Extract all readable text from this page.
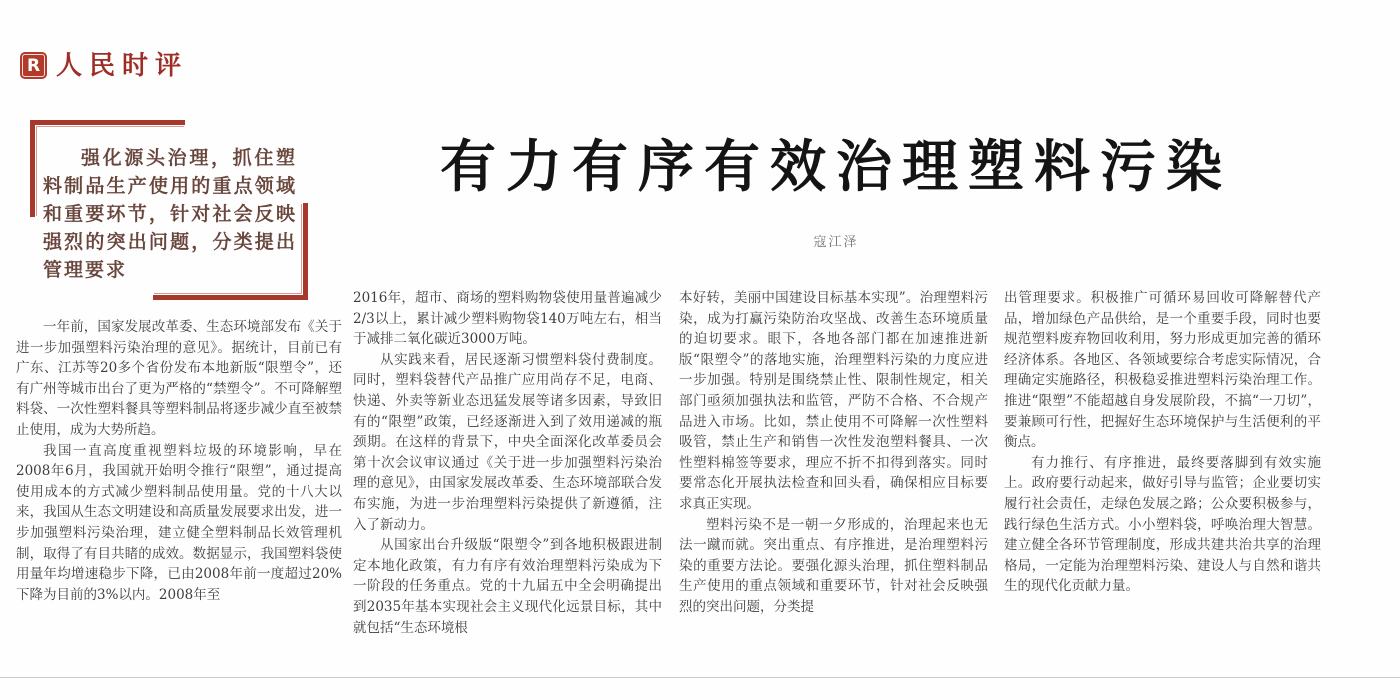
R 人民时评

强化源头治理，抓住塑料制品生产使用的重点领域和重要环节，针对社会反映强烈的突出问题，分类提出管理要求

有力有序有效治理塑料污染
寇江泽

一年前，国家发展改革委、生态环境部发布《关于进一步加强塑料污染治理的意见》。据统计，目前已有广东、江苏等20多个省份发布本地新版“限塑令”，还有广州等城市出台了更为严格的“禁塑令”。不可降解塑料袋、一次性塑料餐具等塑料制品将逐步减少直至被禁止使用，成为大势所趋。

我国一直高度重视塑料垃圾的环境影响，早在2008年6月，我国就开始明令推行“限塑”，通过提高使用成本的方式减少塑料制品使用量。党的十八大以来，我国从生态文明建设和高质量发展要求出发，进一步加强塑料污染治理，建立健全塑料制品长效管理机制，取得了有目共睹的成效。数据显示，我国塑料袋使用量年均增速稳步下降，已由2008年前一度超过20%下降为目前的3%以内。2008年至

2016年，超市、商场的塑料购物袋使用量普遍减少2/3以上，累计减少塑料购物袋140万吨左右，相当于减排二氧化碳近3000万吨。

从实践来看，居民逐渐习惯塑料袋付费制度。同时，塑料袋替代产品推广应用尚存不足，电商、快递、外卖等新业态迅猛发展等诸多因素，导致旧有的“限塑”政策，已经逐渐进入到了效用递减的瓶颈期。在这样的背景下，中央全面深化改革委员会第十次会议审议通过《关于进一步加强塑料污染治理的意见》，由国家发展改革委、生态环境部联合发布实施，为进一步治理塑料污染提供了新遵循，注入了新动力。

从国家出台升级版“限塑令”到各地积极跟进制定本地化政策，有力有序有效治理塑料污染成为下一阶段的任务重点。党的十九届五中全会明确提出到2035年基本实现社会主义现代化远景目标，其中就包括“生态环境根

本好转，美丽中国建设目标基本实现”。治理塑料污染，成为打赢污染防治攻坚战、改善生态环境质量的迫切要求。眼下，各地各部门都在加速推进新版“限塑令”的落地实施，治理塑料污染的力度应进一步加强。特别是围绕禁止性、限制性规定，相关部门亟须加强执法和监管，严防不合格、不合规产品进入市场。比如，禁止使用不可降解一次性塑料吸管，禁止生产和销售一次性发泡塑料餐具、一次性塑料棉签等要求，理应不折不扣得到落实。同时要常态化开展执法检查和回头看，确保相应目标要求真正实现。

塑料污染不是一朝一夕形成的，治理起来也无法一蹴而就。突出重点、有序推进，是治理塑料污染的重要方法论。要强化源头治理，抓住塑料制品生产使用的重点领域和重要环节，针对社会反映强烈的突出问题，分类提

出管理要求。积极推广可循环易回收可降解替代产品，增加绿色产品供给，是一个重要手段，同时也要规范塑料废弃物回收利用，努力形成更加完善的循环经济体系。各地区、各领域要综合考虑实际情况，合理确定实施路径，积极稳妥推进塑料污染治理工作。推进“限塑”不能超越自身发展阶段，不搞“一刀切”，要兼顾可行性，把握好生态环境保护与生活便利的平衡点。

有力推行、有序推进，最终要落脚到有效实施上。政府要行动起来，做好引导与监管；企业要切实履行社会责任，走绿色发展之路；公众要积极参与，践行绿色生活方式。小小塑料袋，呼唤治理大智慧。建立健全各环节管理制度，形成共建共治共享的治理格局，一定能为治理塑料污染、建设人与自然和谐共生的现代化贡献力量。
